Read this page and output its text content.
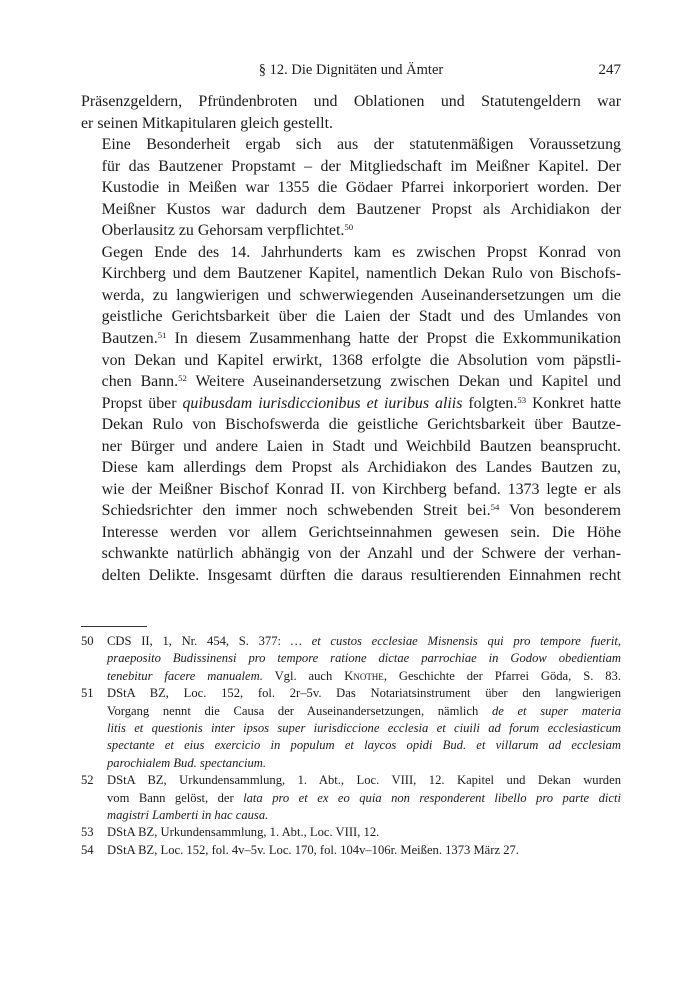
§ 12. Die Dignitäten und Ämter	247

Präsenzgeldern, Pfründenbroten und Oblationen und Statutengeldern war
er seinen Mitkapitularen gleich gestellt.

Eine Besonderheit ergab sich aus der statutenmäßigen Voraussetzung
für das Bautzener Propstamt – der Mitgliedschaft im Meißner Kapitel. Der
Kustodie in Meißen war 1355 die Gödaer Pfarrei inkorporiert worden. Der
Meißner Kustos war dadurch dem Bautzener Propst als Archidiakon der
Oberlausitz zu Gehorsam verpflichtet.$^{50}$

Gegen Ende des 14. Jahrhunderts kam es zwischen Propst Konrad von
Kirchberg und dem Bautzener Kapitel, namentlich Dekan Rulo von Bischofs-
werda, zu langwierigen und schwerwiegenden Auseinandersetzungen um die
geistliche Gerichtsbarkeit über die Laien der Stadt und des Umlandes von
Bautzen.$^{51}$ In diesem Zusammenhang hatte der Propst die Exkommunikation
von Dekan und Kapitel erwirkt, 1368 erfolgte die Absolution vom päpstli-
chen Bann.$^{52}$ Weitere Auseinandersetzung zwischen Dekan und Kapitel und
Propst über quibusdam iurisdiccionibus et iuribus aliis folgten.$^{53}$ Konkret hatte
Dekan Rulo von Bischofswerda die geistliche Gerichtsbarkeit über Bautze-
ner Bürger und andere Laien in Stadt und Weichbild Bautzen beansprucht.
Diese kam allerdings dem Propst als Archidiakon des Landes Bautzen zu,
wie der Meißner Bischof Konrad II. von Kirchberg befand. 1373 legte er als
Schiedsrichter den immer noch schwebenden Streit bei.$^{54}$ Von besonderem
Interesse werden vor allem Gerichtseinnahmen gewesen sein. Die Höhe
schwankte natürlich abhängig von der Anzahl und der Schwere der verhan-
delten Delikte. Insgesamt dürften die daraus resultierenden Einnahmen recht

50 CDS II, 1, Nr. 454, S. 377: … et custos ecclesiae Misnensis qui pro tempore fuerit,
praeposito Budissinensi pro tempore ratione dictae parrochiae in Godow obedientiam
tenebitur facere manualem. Vgl. auch Knothe, Geschichte der Pfarrei Göda, S. 83.
51 DStA BZ, Loc. 152, fol. 2r–5v. Das Notariatsinstrument über den langwierigen
Vorgang nennt die Causa der Auseinandersetzungen, nämlich de et super materia
litis et questionis inter ipsos super iurisdiccione ecclesia et ciuili ad forum ecclesiasticum
spectante et eius exercicio in populum et laycos opidi Bud. et villarum ad ecclesiam
parochialem Bud. spectancium.
52 DStA BZ, Urkundensammlung, 1. Abt., Loc. VIII, 12. Kapitel und Dekan wurden
vom Bann gelöst, der lata pro et ex eo quia non responderent libello pro parte dicti
magistri Lamberti in hac causa.
53 DStA BZ, Urkundensammlung, 1. Abt., Loc. VIII, 12.
54 DStA BZ, Loc. 152, fol. 4v–5v. Loc. 170, fol. 104v–106r. Meißen. 1373 März 27.
